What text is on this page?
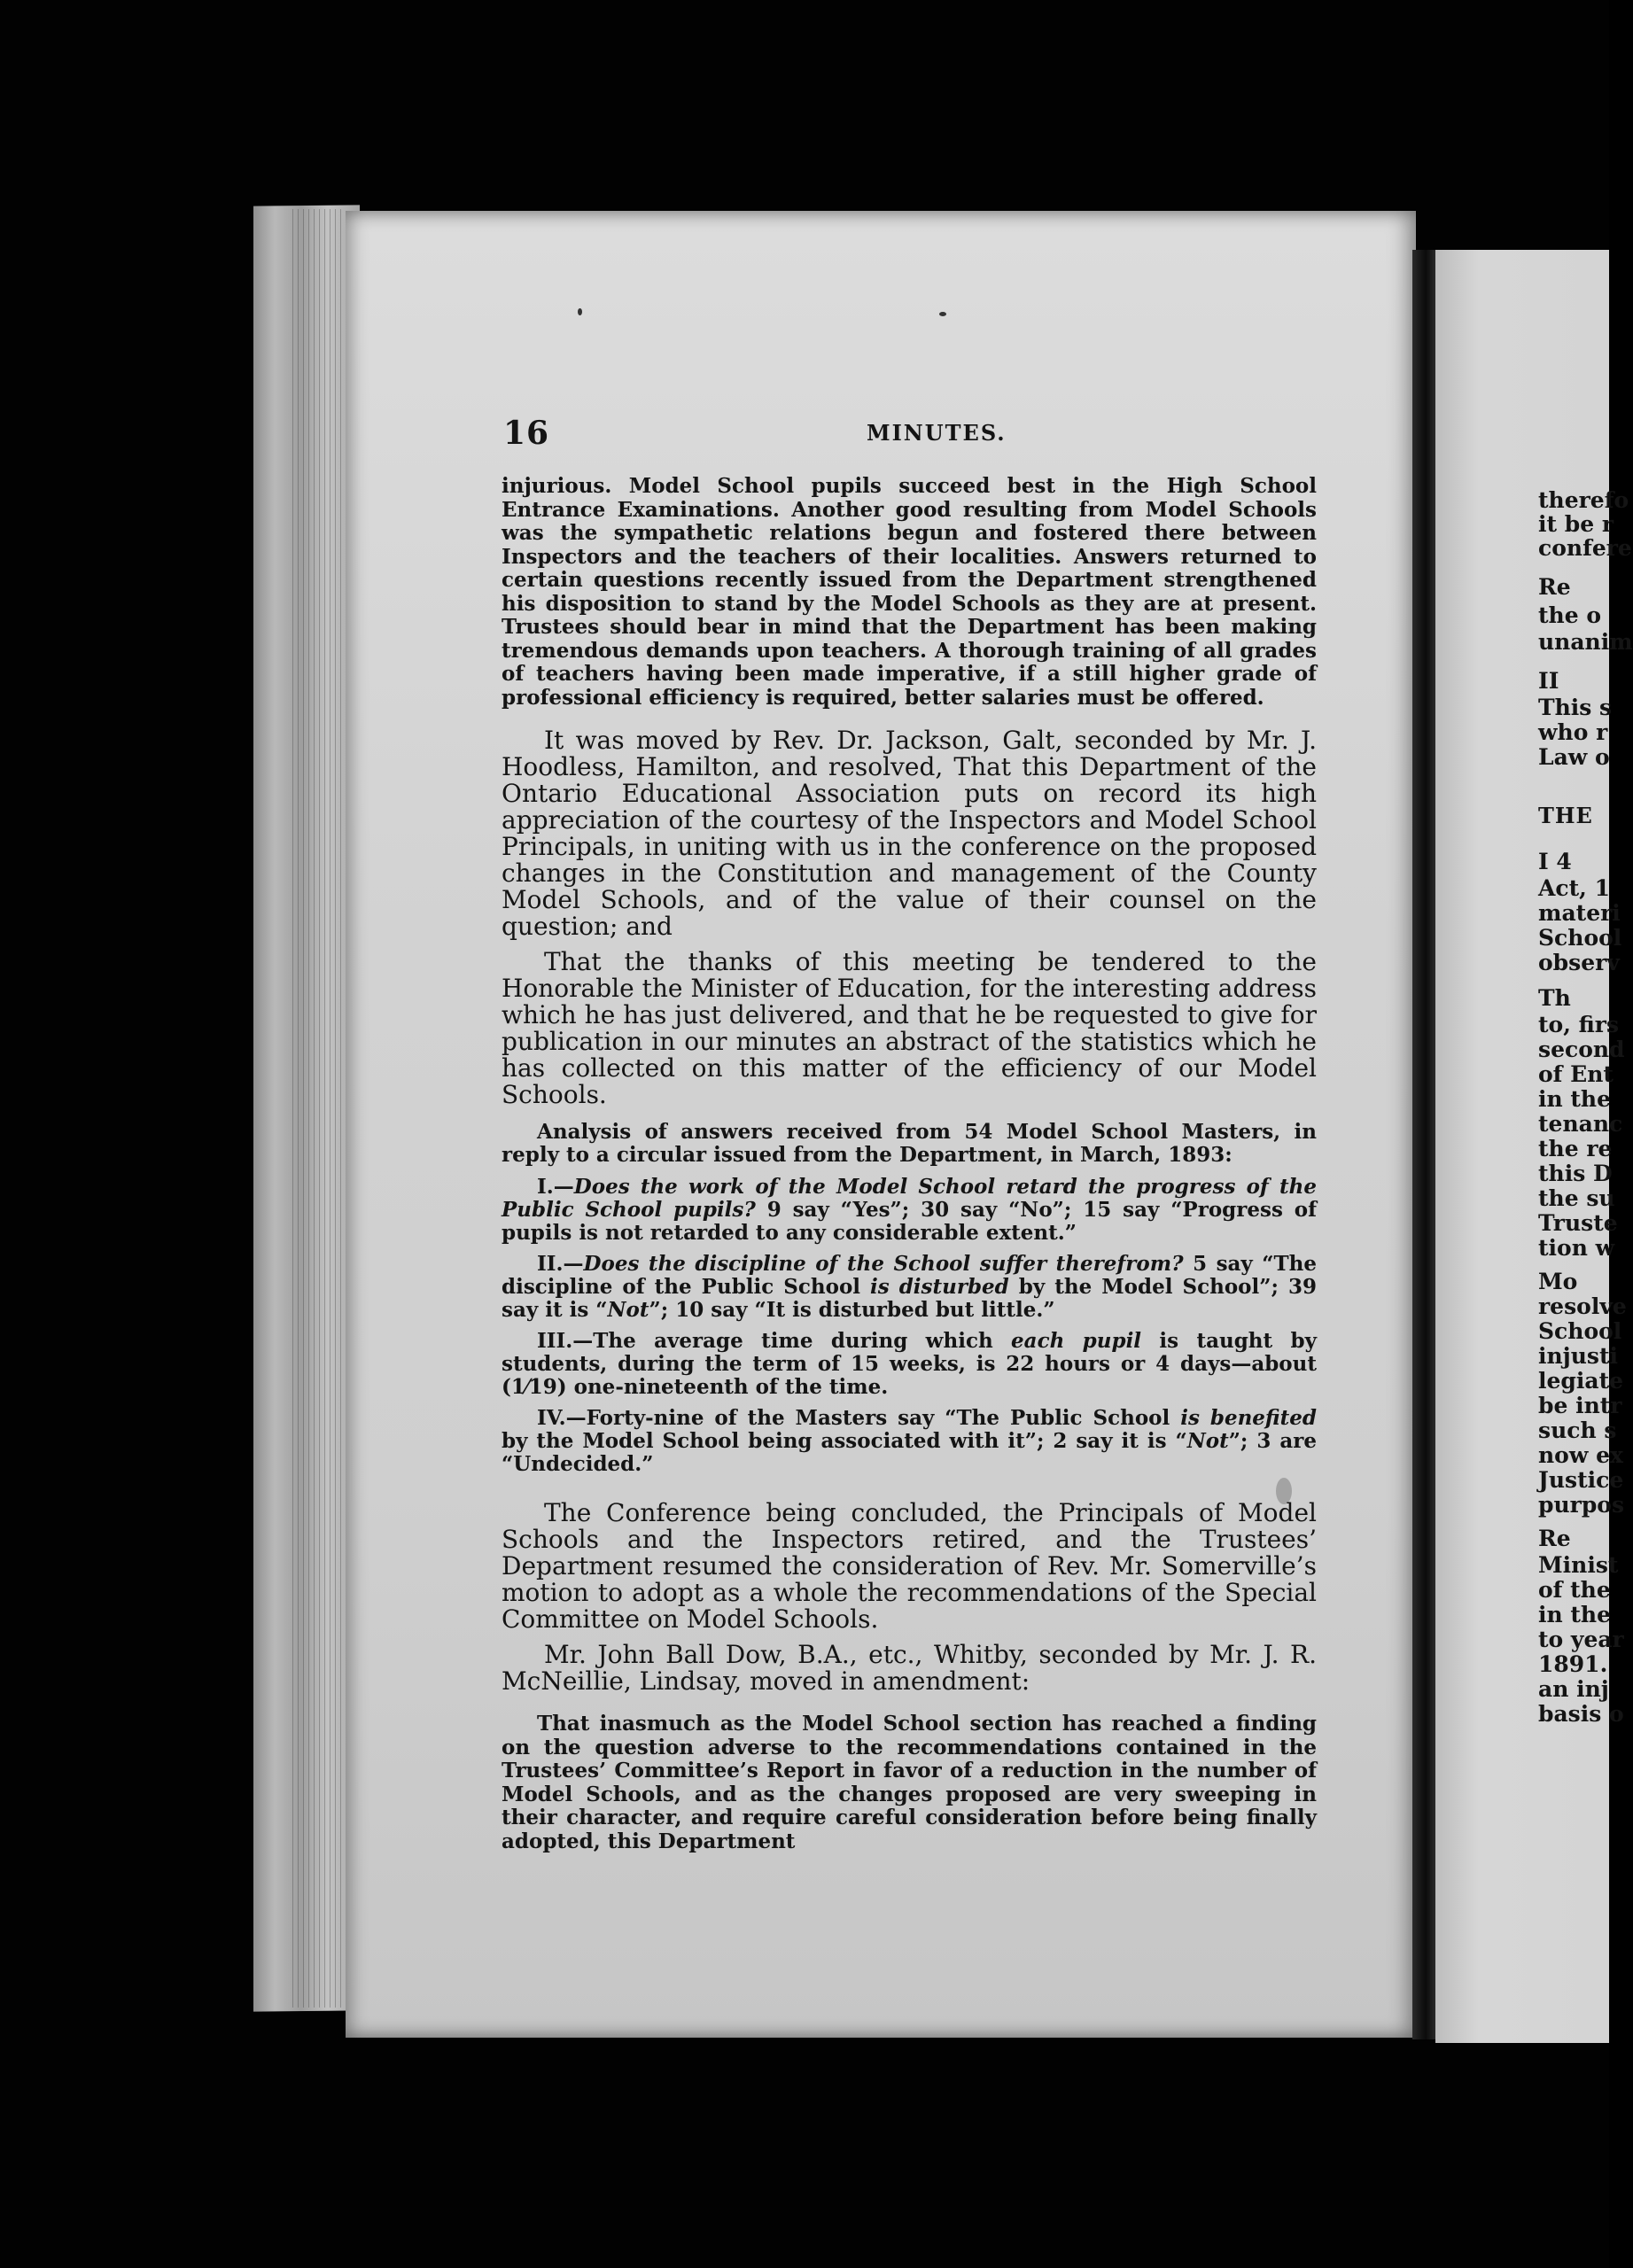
16	MINUTES.

injurious. Model School pupils succeed best in the High School Entrance Examinations. Another good resulting from Model Schools was the sympathetic relations begun and fostered there between Inspectors and the teachers of their localities. Answers returned to certain questions recently issued from the Department strengthened his disposition to stand by the Model Schools as they are at present. Trustees should bear in mind that the Department has been making tremendous demands upon teachers. A thorough training of all grades of teachers having been made imperative, if a still higher grade of professional efficiency is required, better salaries must be offered.

It was moved by Rev. Dr. Jackson, Galt, seconded by Mr. J. Hoodless, Hamilton, and resolved, That this Department of the Ontario Educational Association puts on record its high appreciation of the courtesy of the Inspectors and Model School Principals, in uniting with us in the conference on the proposed changes in the Constitution and management of the County Model Schools, and of the value of their counsel on the question; and

That the thanks of this meeting be tendered to the Honorable the Minister of Education, for the interesting address which he has just delivered, and that he be requested to give for publication in our minutes an abstract of the statistics which he has collected on this matter of the efficiency of our Model Schools.

Analysis of answers received from 54 Model School Masters, in reply to a circular issued from the Department, in March, 1893:

I.—Does the work of the Model School retard the progress of the Public School pupils? 9 say “Yes”; 30 say “No”; 15 say “Progress of pupils is not retarded to any considerable extent.”

II.—Does the discipline of the School suffer therefrom? 5 say “The discipline of the Public School is disturbed by the Model School”; 39 say it is “Not”; 10 say “It is disturbed but little.”

III.—The average time during which each pupil is taught by students, during the term of 15 weeks, is 22 hours or 4 days—about (1⁄19) one-nineteenth of the time.

IV.—Forty-nine of the Masters say “The Public School is benefited by the Model School being associated with it”; 2 say it is “Not”; 3 are “Undecided.”

The Conference being concluded, the Principals of Model Schools and the Inspectors retired, and the Trustees’ Department resumed the consideration of Rev. Mr. Somerville’s motion to adopt as a whole the recommendations of the Special Committee on Model Schools.

Mr. John Ball Dow, B.A., etc., Whitby, seconded by Mr. J. R. McNeillie, Lindsay, moved in amendment:

That inasmuch as the Model School section has reached a finding on the question adverse to the recommendations contained in the Trustees’ Committee’s Report in favor of a reduction in the number of Model Schools, and as the changes proposed are very sweeping in their character, and require careful consideration before being finally adopted, this Department

therefo
it be r
confere
Re
the o
unanim
II
This s
who r
Law o
THE
I 4
Act, 1
materi
School
observ
Th
to, firs
second
of Ent
in the
tenanc
the re
this D
the su
Truste
tion w
Mo
resolve
School
injusti
legiate
be intr
such s
now ex
Justice
purpos
Re
Minist
of the
in the
to year
1891.
an inj
basis o
